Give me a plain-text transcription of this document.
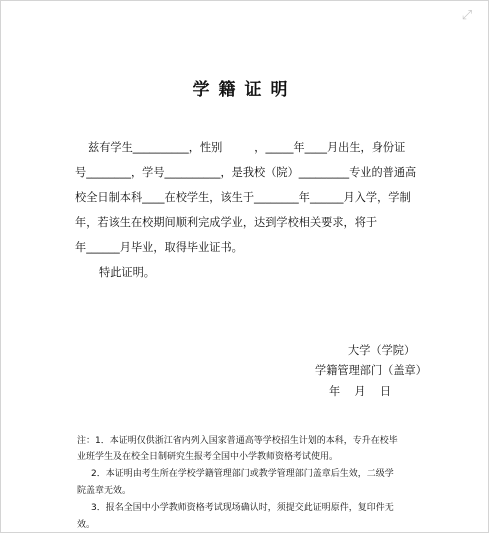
⤢
学籍证明
兹有学生__________，性别         ，_____年____月出生，身份证
号________，学号__________，是我校（院）_________专业的普通高
校全日制本科____在校学生，该生于________年______月入学，学制
年，若该生在校期间顺利完成学业，达到学校相关要求，将于
年______月毕业，取得毕业证书。
特此证明。
大学（学院）
学籍管理部门（盖章）
年    月    日
注：1．本证明仅供浙江省内列入国家普通高等学校招生计划的本科，专升在校毕
业班学生及在校全日制研究生报考全国中小学教师资格考试使用。
2．本证明由考生所在学校学籍管理部门或教学管理部门盖章后生效，二级学
院盖章无效。
3．报名全国中小学教师资格考试现场确认时，须提交此证明原件，复印件无
效。
